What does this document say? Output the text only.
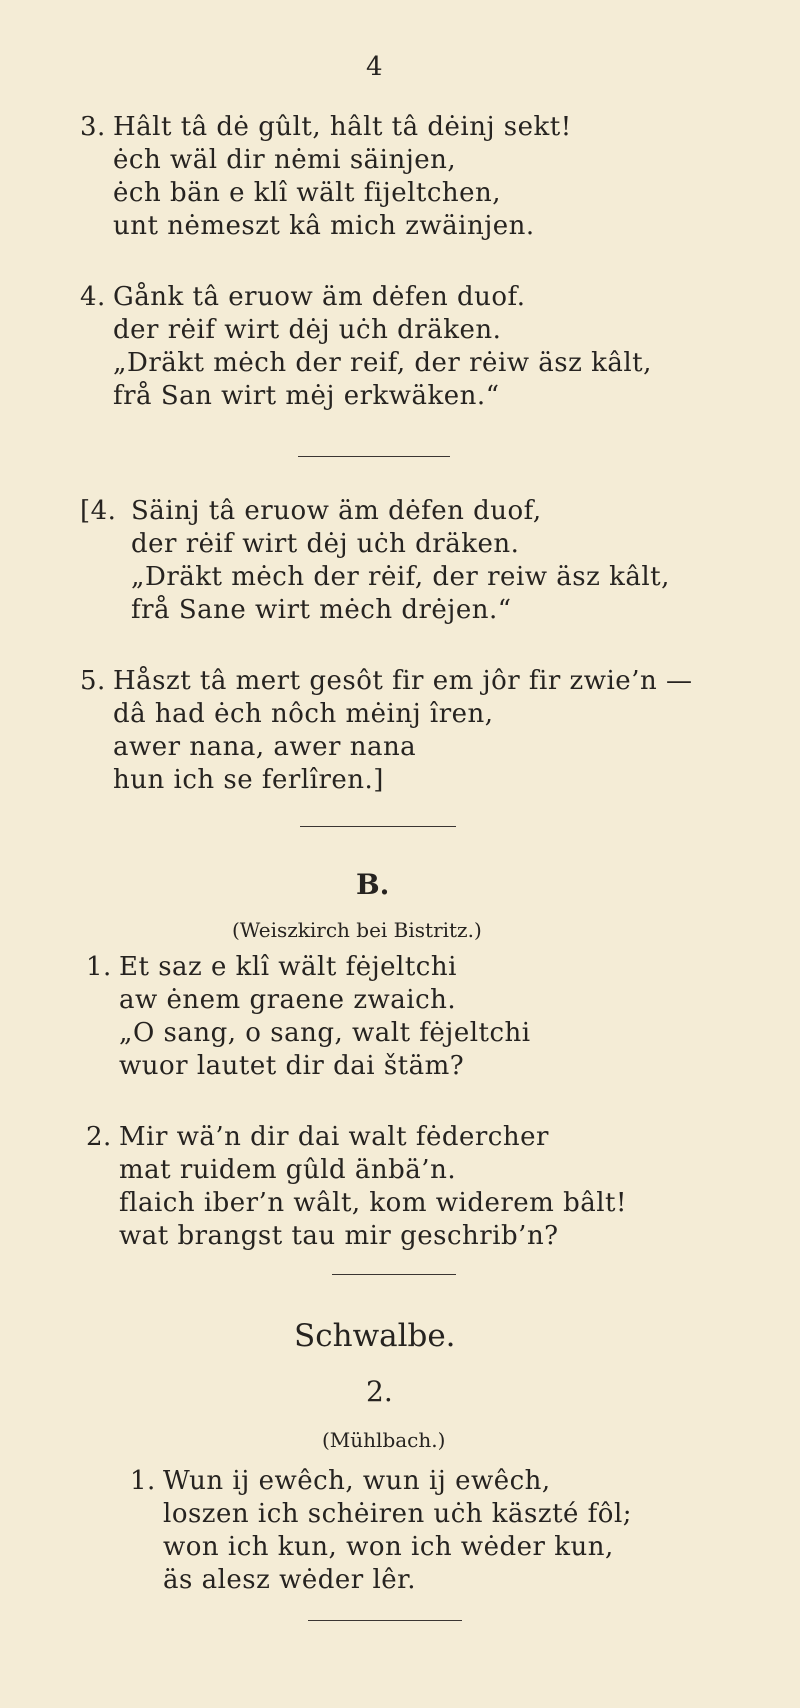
4
3. Hâlt tâ dė gûlt, hâlt tâ dėinj sekt!
ėch wäl dir nėmi säinjen,
ėch bän e klî wält fijeltchen,
unt nėmeszt kâ mich zwäinjen.
4. Gånk tâ eruow äm dėfen duof.
der rėif wirt dėj uċh dräken.
„Dräkt mėch der reif, der rėiw äsz kâlt,
frå San wirt mėj erkwäken.“
[4. Säinj tâ eruow äm dėfen duof,
der rėif wirt dėj uċh dräken.
„Dräkt mėch der rėif, der reiw äsz kâlt,
frå Sane wirt mėch drėjen.“
5. Håszt tâ mert gesôt fir em jôr fir zwie’n —
dâ had ėch nôch mėinj îren,
awer nana, awer nana
hun ich se ferlîren.]
B.
(Weiszkirch bei Bistritz.)
1. Et saz e klî wält fėjeltchi
aw ėnem graene zwaich.
„O sang, o sang, walt fėjeltchi
wuor lautet dir dai štäm?
2. Mir wä’n dir dai walt fėdercher
mat ruidem gûld änbä’n.
flaich iber’n wâlt, kom widerem bâlt!
wat brangst tau mir geschrib’n?
Schwalbe.
2.
(Mühlbach.)
1. Wun ij ewêch, wun ij ewêch,
loszen ich schėiren uċh käszté fôl;
won ich kun, won ich wėder kun,
äs alesz wėder lêr.
